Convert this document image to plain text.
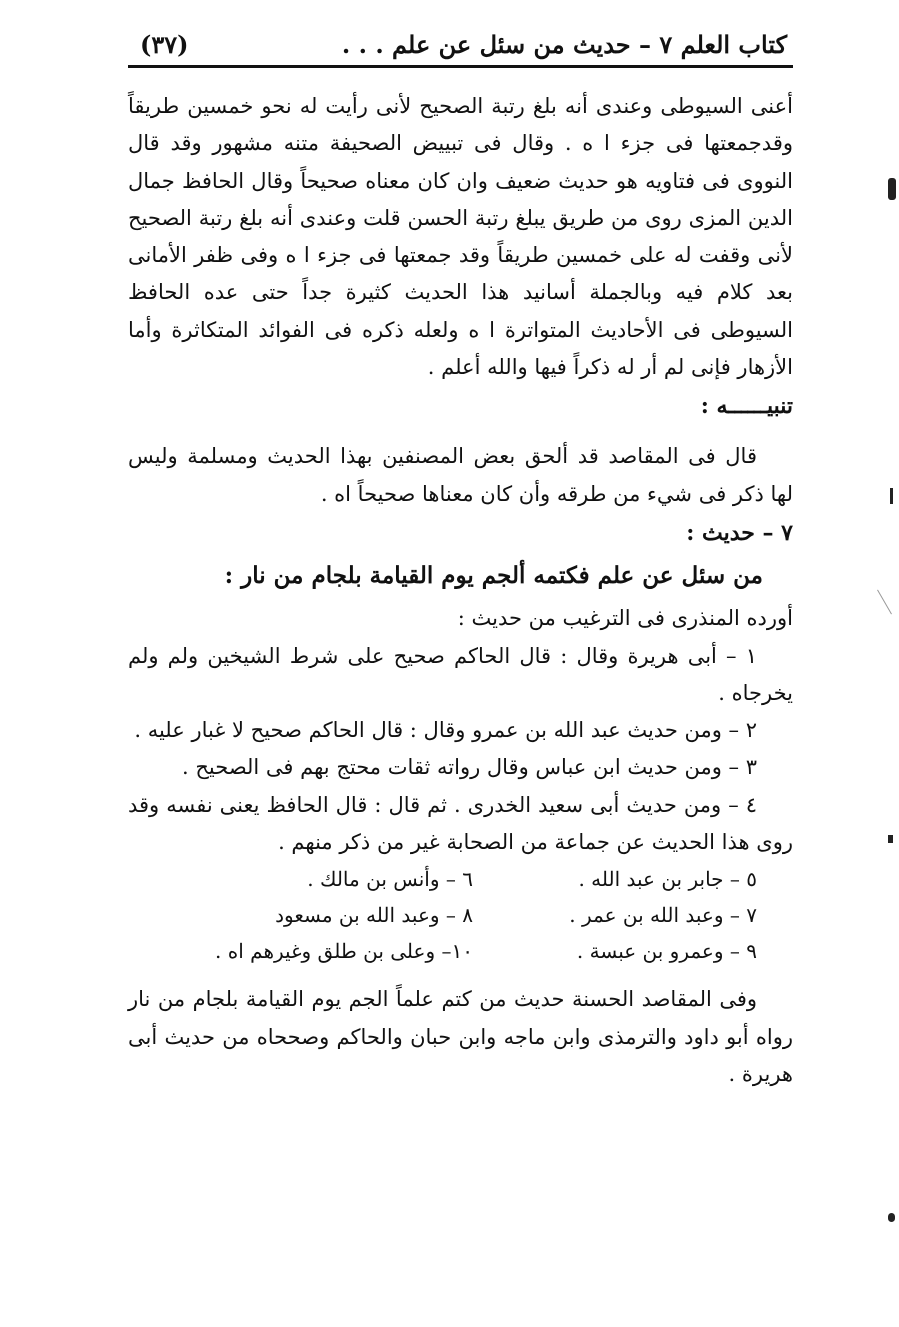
كتاب العلم ٧ – حديث من سئل عن علم . . .
(٣٧)

أعنى السيوطى وعندى أنه بلغ رتبة الصحيح لأنى رأيت له نحو خمسين طريقاً وقدجمعتها فى جزء ا ه . وقال فى تبييض الصحيفة متنه مشهور وقد قال النووى فى فتاويه هو حديث ضعيف وان كان معناه صحيحاً وقال الحافظ جمال الدين المزى روى من طريق يبلغ رتبة الحسن قلت وعندى أنه بلغ رتبة الصحيح لأنى وقفت له على خمسين طريقاً وقد جمعتها فى جزء ا ه وفى ظفر الأمانى بعد كلام فيه وبالجملة أسانيد هذا الحديث كثيرة جداً حتى عده الحافظ السيوطى فى الأحاديث المتواترة ا ه ولعله ذكره فى الفوائد المتكاثرة وأما الأزهار فإنى لم أر له ذكراً فيها والله أعلم .

تنبيــــــه :

قال فى المقاصد قد ألحق بعض المصنفين بهذا الحديث ومسلمة وليس لها ذكر فى شيء من طرقه وأن كان معناها صحيحاً اه .

٧ – حديث :

من سئل عن علم فكتمه ألجم يوم القيامة بلجام من نار :

أورده المنذرى فى الترغيب من حديث :

١ – أبى هريرة وقال : قال الحاكم صحيح على شرط الشيخين ولم ولم يخرجاه .

٢ – ومن حديث عبد الله بن عمرو وقال : قال الحاكم صحيح لا غبار عليه .

٣ – ومن حديث ابن عباس وقال رواته ثقات محتج بهم فى الصحيح .

٤ – ومن حديث أبى سعيد الخدرى . ثم قال : قال الحافظ يعنى نفسه وقد روى هذا الحديث عن جماعة من الصحابة غير من ذكر منهم .

٥ – جابر بن عبد الله .
٦ – وأنس بن مالك .
٧ – وعبد الله بن عمر .
٨ – وعبد الله بن مسعود
٩ – وعمرو بن عبسة .
١٠– وعلى بن طلق وغيرهم اه .

وفى المقاصد الحسنة حديث من كتم علماً الجم يوم القيامة بلجام من نار رواه أبو داود والترمذى وابن ماجه وابن حبان والحاكم وصححاه من حديث أبى هريرة .
